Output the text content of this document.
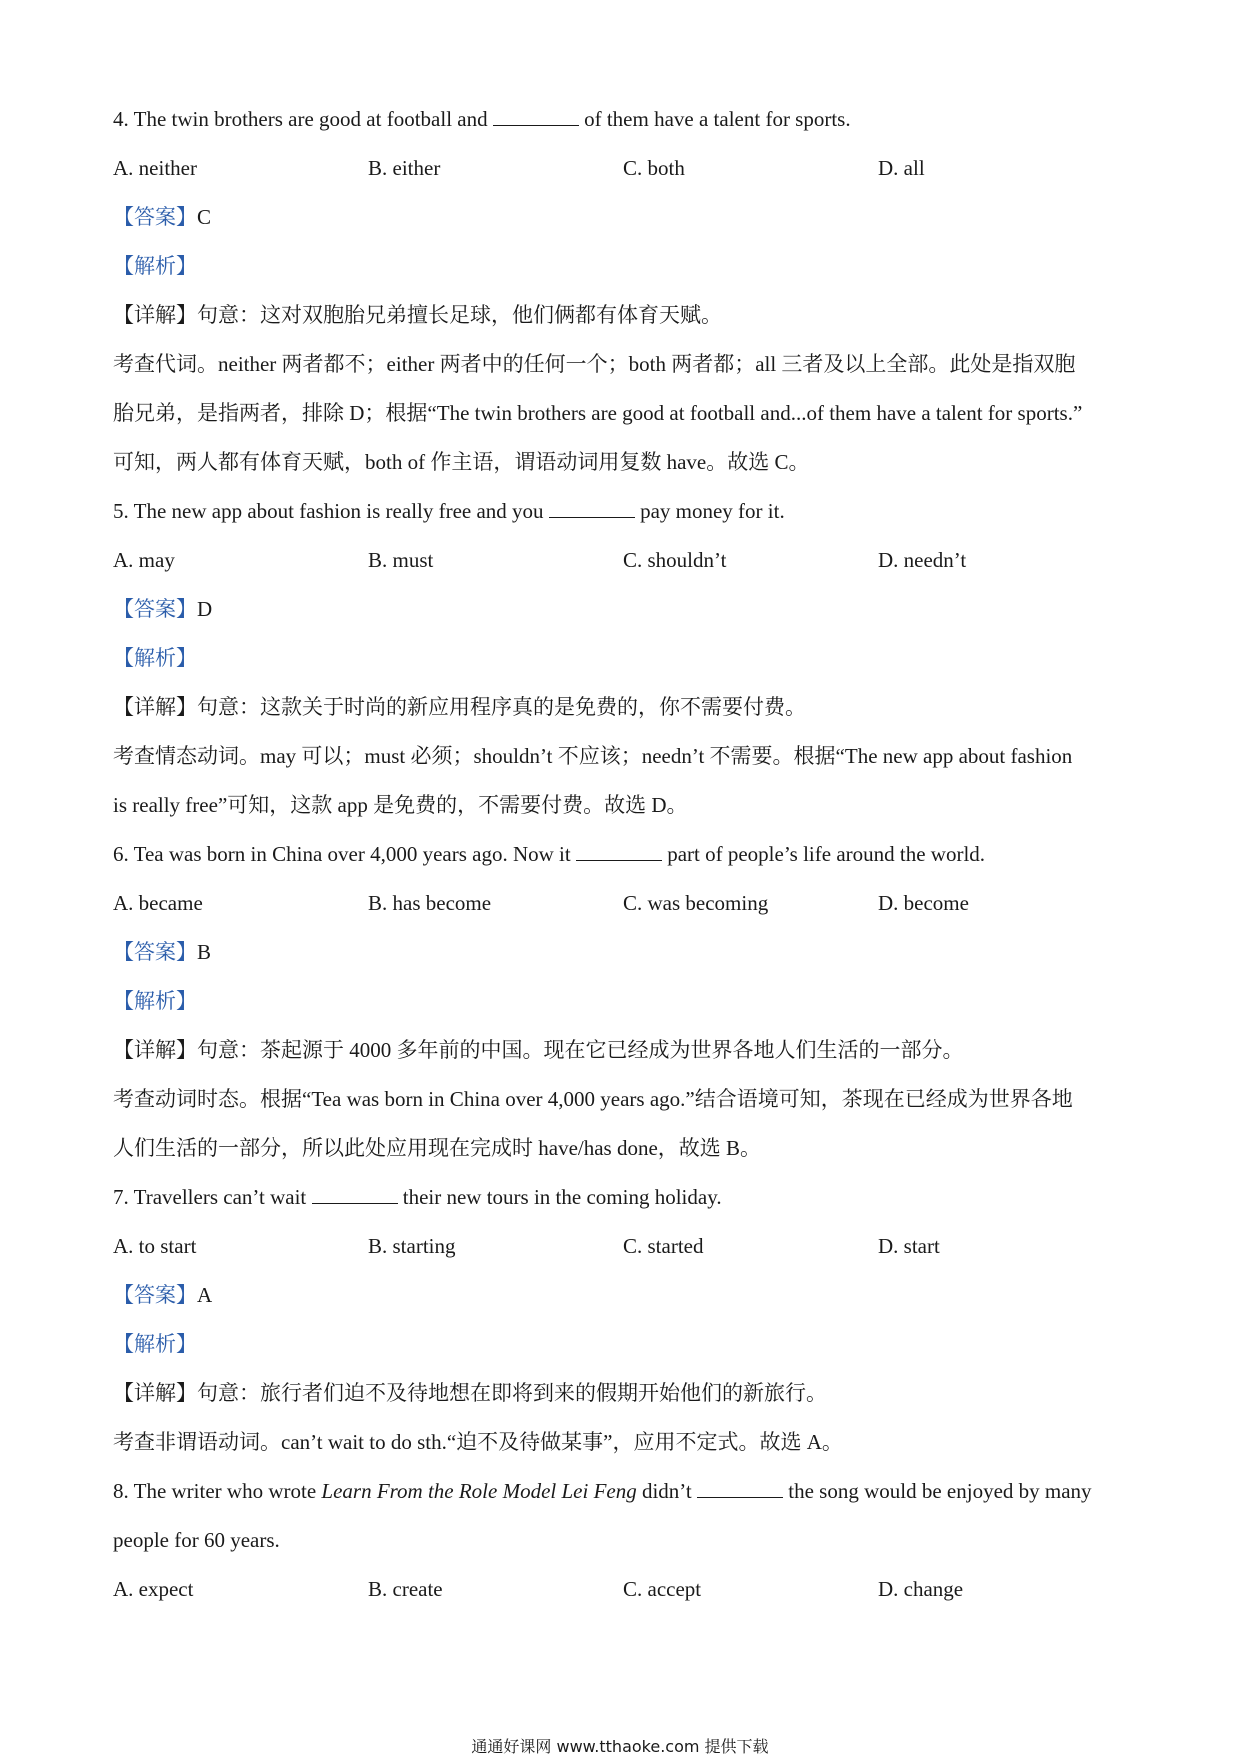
4. The twin brothers are good at football and	of them have a talent for sports.
A. neither	B. either	C. both	D. all
【答案】C
【解析】
【详解】句意：这对双胞胎兄弟擅长足球，他们俩都有体育天赋。
考查代词。neither 两者都不；either 两者中的任何一个；both 两者都；all 三者及以上全部。此处是指双胞
胎兄弟，是指两者，排除 D；根据“The twin brothers are good at football and...of them have a talent for sports.”
可知，两人都有体育天赋，both of 作主语，谓语动词用复数 have。故选 C。
5. The new app about fashion is really free and you	pay money for it.
A. may	B. must	C. shouldn’t	D. needn’t
【答案】D
【解析】
【详解】句意：这款关于时尚的新应用程序真的是免费的，你不需要付费。
考查情态动词。may 可以；must 必须；shouldn’t 不应该；needn’t 不需要。根据“The new app about fashion
is really free”可知，这款 app 是免费的，不需要付费。故选 D。
6. Tea was born in China over 4,000 years ago. Now it	part of people’s life around the world.
A. became	B. has become	C. was becoming	D. become
【答案】B
【解析】
【详解】句意：茶起源于 4000 多年前的中国。现在它已经成为世界各地人们生活的一部分。
考查动词时态。根据“Tea was born in China over 4,000 years ago.”结合语境可知，茶现在已经成为世界各地
人们生活的一部分，所以此处应用现在完成时 have/has done，故选 B。
7. Travellers can’t wait	their new tours in the coming holiday.
A. to start	B. starting	C. started	D. start
【答案】A
【解析】
【详解】句意：旅行者们迫不及待地想在即将到来的假期开始他们的新旅行。
考查非谓语动词。can’t wait to do sth.“迫不及待做某事”，应用不定式。故选 A。
8. The writer who wrote Learn From the Role Model Lei Feng didn’t	the song would be enjoyed by many
people for 60 years.
A. expect	B. create	C. accept	D. change
通通好课网 www.tthaoke.com 提供下载
